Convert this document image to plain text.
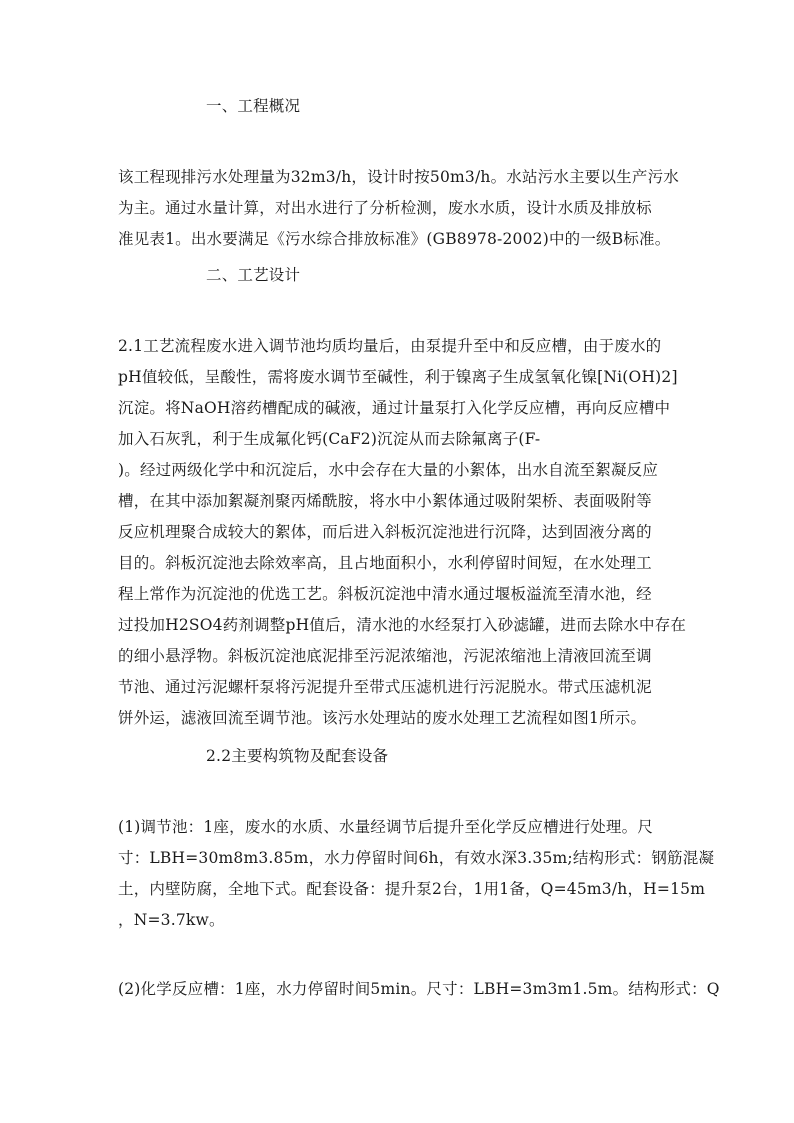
一、工程概况
该工程现排污水处理量为32m3/h，设计时按50m3/h。水站污水主要以生产污水
为主。通过水量计算，对出水进行了分析检测，废水水质，设计水质及排放标
准见表1。出水要满足《污水综合排放标准》(GB8978-2002)中的一级B标准。
二、工艺设计
2.1工艺流程废水进入调节池均质均量后，由泵提升至中和反应槽，由于废水的
pH值较低，呈酸性，需将废水调节至碱性，利于镍离子生成氢氧化镍[Ni(OH)2]
沉淀。将NaOH溶药槽配成的碱液，通过计量泵打入化学反应槽，再向反应槽中
加入石灰乳，利于生成氟化钙(CaF2)沉淀从而去除氟离子(F-
)。经过两级化学中和沉淀后，水中会存在大量的小絮体，出水自流至絮凝反应
槽，在其中添加絮凝剂聚丙烯酰胺，将水中小絮体通过吸附架桥、表面吸附等
反应机理聚合成较大的絮体，而后进入斜板沉淀池进行沉降，达到固液分离的
目的。斜板沉淀池去除效率高，且占地面积小，水利停留时间短，在水处理工
程上常作为沉淀池的优选工艺。斜板沉淀池中清水通过堰板溢流至清水池，经
过投加H2SO4药剂调整pH值后，清水池的水经泵打入砂滤罐，进而去除水中存在
的细小悬浮物。斜板沉淀池底泥排至污泥浓缩池，污泥浓缩池上清液回流至调
节池、通过污泥螺杆泵将污泥提升至带式压滤机进行污泥脱水。带式压滤机泥
饼外运，滤液回流至调节池。该污水处理站的废水处理工艺流程如图1所示。
2.2主要构筑物及配套设备
(1)调节池：1座，废水的水质、水量经调节后提升至化学反应槽进行处理。尺
寸：LBH=30m8m3.85m，水力停留时间6h，有效水深3.35m;结构形式：钢筋混凝
土，内壁防腐，全地下式。配套设备：提升泵2台，1用1备，Q=45m3/h，H=15m
，N=3.7kw。
(2)化学反应槽：1座，水力停留时间5min。尺寸：LBH=3m3m1.5m。结构形式：Q
